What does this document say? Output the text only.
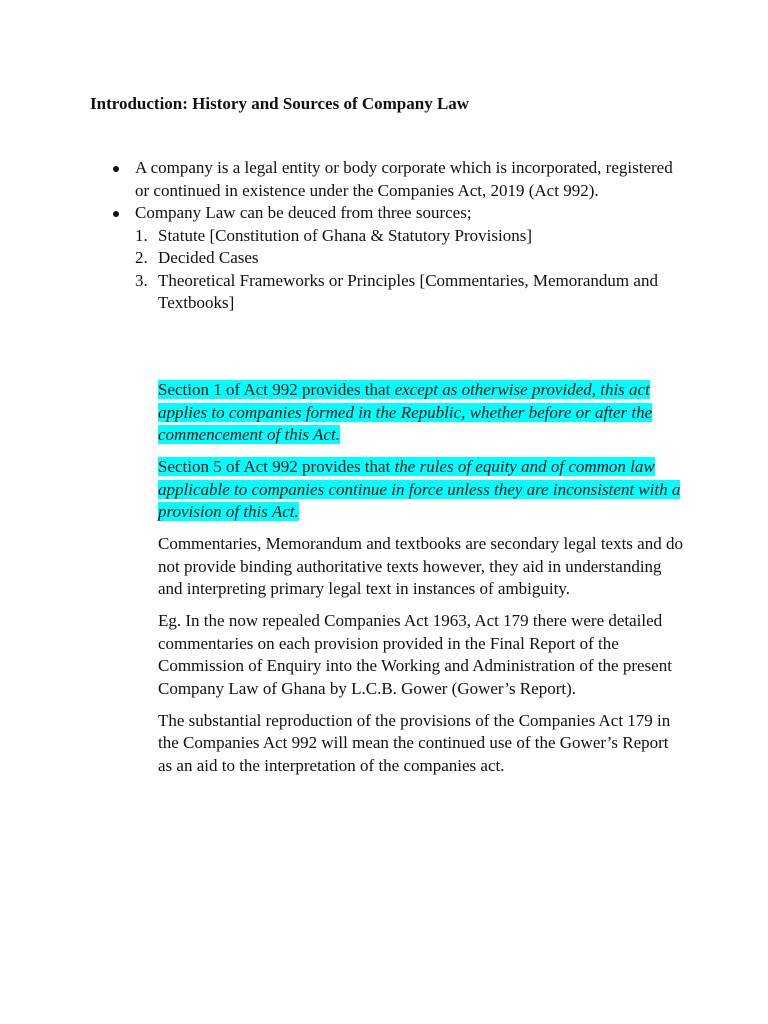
Introduction: History and Sources of Company Law
A company is a legal entity or body corporate which is incorporated, registered or continued in existence under the Companies Act, 2019 (Act 992).
Company Law can be deuced from three sources;
1. Statute [Constitution of Ghana & Statutory Provisions]
2. Decided Cases
3. Theoretical Frameworks or Principles [Commentaries, Memorandum and Textbooks]

Section 1 of Act 992 provides that except as otherwise provided, this act applies to companies formed in the Republic, whether before or after the commencement of this Act.

Section 5 of Act 992 provides that the rules of equity and of common law applicable to companies continue in force unless they are inconsistent with a provision of this Act.

Commentaries, Memorandum and textbooks are secondary legal texts and do not provide binding authoritative texts however, they aid in understanding and interpreting primary legal text in instances of ambiguity.

Eg. In the now repealed Companies Act 1963, Act 179 there were detailed commentaries on each provision provided in the Final Report of the Commission of Enquiry into the Working and Administration of the present Company Law of Ghana by L.C.B. Gower (Gower’s Report).

The substantial reproduction of the provisions of the Companies Act 179 in the Companies Act 992 will mean the continued use of the Gower’s Report as an aid to the interpretation of the companies act.
